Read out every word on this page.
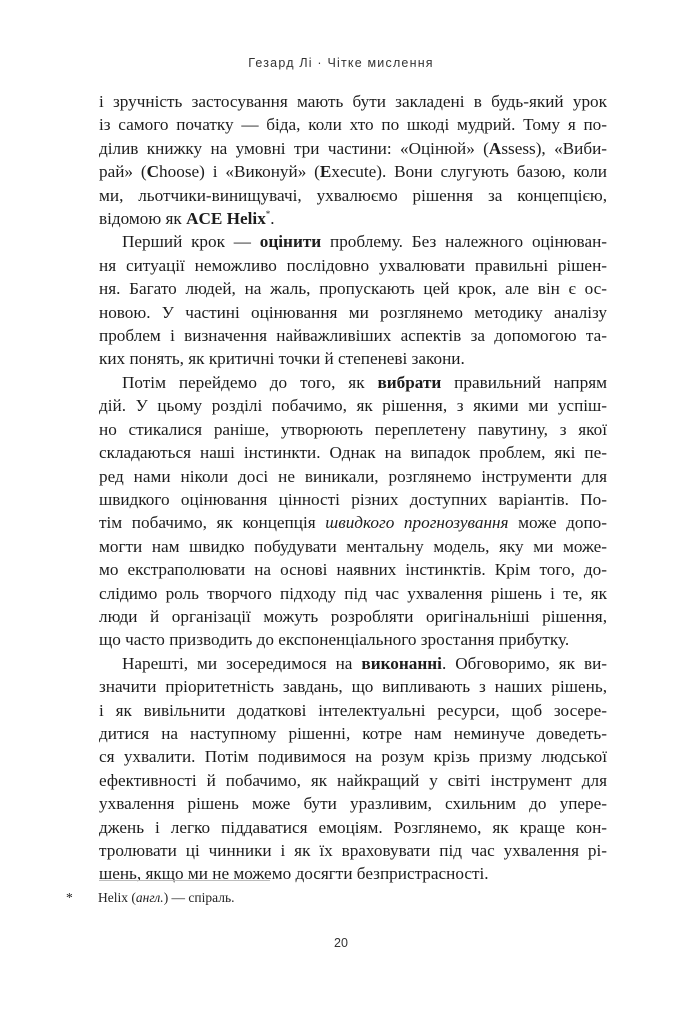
Гезард Лі · Чітке мислення
і зручність застосування мають бути закладені в будь-який урок
із самого початку — біда, коли хто по шкоді мудрий. Тому я по-
ділив книжку на умовні три частини: «Оцінюй» (Assess), «Виби-
рай» (Choose) і «Виконуй» (Execute). Вони слугують базою, коли
ми, льотчики-винищувачі, ухвалюємо рішення за концепцією,
відомою як ACE Helix*.
Перший крок — оцінити проблему. Без належного оцінюван-
ня ситуації неможливо послідовно ухвалювати правильні рішен-
ня. Багато людей, на жаль, пропускають цей крок, але він є ос-
новою. У частині оцінювання ми розглянемо методику аналізу
проблем і визначення найважливіших аспектів за допомогою та-
ких понять, як критичні точки й степеневі закони.
Потім перейдемо до того, як вибрати правильний напрям
дій. У цьому розділі побачимо, як рішення, з якими ми успіш-
но стикалися раніше, утворюють переплетену павутину, з якої
складаються наші інстинкти. Однак на випадок проблем, які пе-
ред нами ніколи досі не виникали, розглянемо інструменти для
швидкого оцінювання цінності різних доступних варіантів. По-
тім побачимо, як концепція швидкого прогнозування може допо-
могти нам швидко побудувати ментальну модель, яку ми може-
мо екстраполювати на основі наявних інстинктів. Крім того, до-
слідимо роль творчого підходу під час ухвалення рішень і те, як
люди й організації можуть розробляти оригінальніші рішення,
що часто призводить до експоненціального зростання прибутку.
Нарешті, ми зосередимося на виконанні. Обговоримо, як ви-
значити пріоритетність завдань, що випливають з наших рішень,
і як вивільнити додаткові інтелектуальні ресурси, щоб зосере-
дитися на наступному рішенні, котре нам неминуче доведеть-
ся ухвалити. Потім подивимося на розум крізь призму людської
ефективності й побачимо, як найкращий у світі інструмент для
ухвалення рішень може бути уразливим, схильним до упере-
джень і легко піддаватися емоціям. Розглянемо, як краще кон-
тролювати ці чинники і як їх враховувати під час ухвалення рі-
шень, якщо ми не можемо досягти безпристрасності.
* Helix (англ.) — спіраль.
20
